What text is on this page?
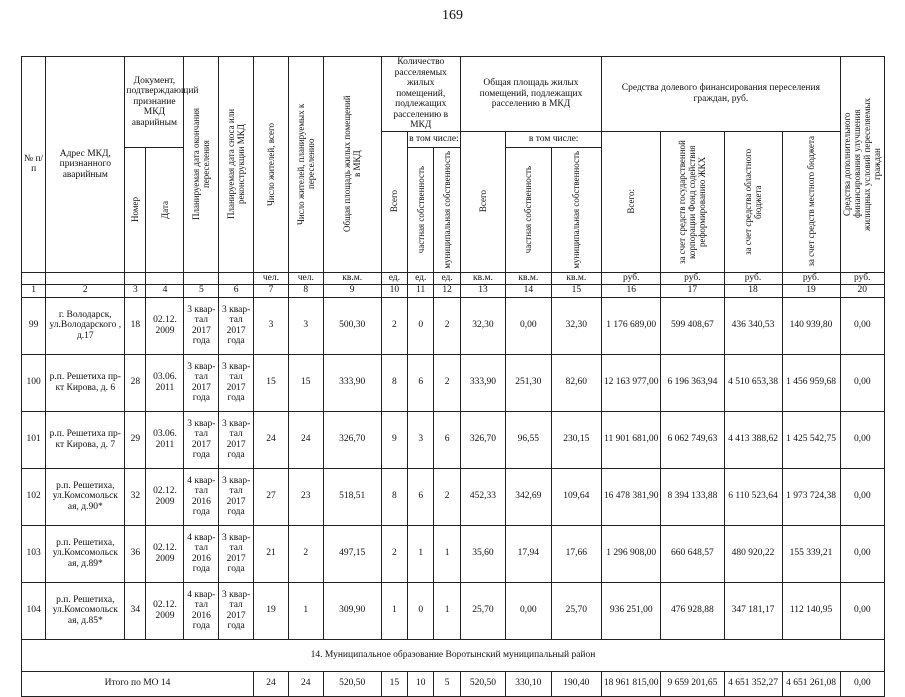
169
№ п/п	Адрес МКД, признанного аварийным	Документ, подтверждающий признание МКД аварийным		Планируемая дата окончания переселения	Планируемая дата сноса или реконструкции МКД	Число жителей, всего	Число жителей, планируемых к переселению	Общая площадь жилых помещений в МКД	Количество расселяемых жилых помещений, подлежащих расселению в МКД			Общая площадь жилых помещений, подлежащих расселению в МКД			Средства долевого финансирования переселения граждан, руб.				Средства дополнительного финансирования улучшения жилищных условий переселяемых граждан

									Всего	в том числе:		Всего	в том числе:		Всего:	за счет средств государственной корпорации Фонд содействия реформированию ЖКХ	за счет средства областного бюджета	за счет средств местного бюджета	

		Номер	Дата							частная собственность	муниципальная собственность		частная собственность	муниципальная собственность					

						чел.	чел.	кв.м.	ед.	ед.	ед.	кв.м.	кв.м.	кв.м.	руб.	руб.	руб.	руб.	руб.
1	2	3	4	5	6	7	8	9	10	11	12	13	14	15	16	17	18	19	20
99	г. Володарск, ул.Володарского , д.17	18	02.12. 2009	3 квар- тал 2017 года	3 квар- тал 2017 года	3	3	500,30	2	0	2	32,30	0,00	32,30	1 176 689,00	599 408,67	436 340,53	140 939,80	0,00
100	р.п. Решетиха пр-кт Кирова, д. 6	28	03.06. 2011	3 квар- тал 2017 года	3 квар- тал 2017 года	15	15	333,90	8	6	2	333,90	251,30	82,60	12 163 977,00	6 196 363,94	4 510 653,38	1 456 959,68	0,00
101	р.п. Решетиха пр-кт Кирова, д. 7	29	03.06. 2011	3 квар- тал 2017 года	3 квар- тал 2017 года	24	24	326,70	9	3	6	326,70	96,55	230,15	11 901 681,00	6 062 749,63	4 413 388,62	1 425 542,75	0,00
102	р.п. Решетиха, ул.Комсомольск ая, д.90*	32	02.12. 2009	4 квар- тал 2016 года	3 квар- тал 2017 года	27	23	518,51	8	6	2	452,33	342,69	109,64	16 478 381,90	8 394 133,88	6 110 523,64	1 973 724,38	0,00
103	р.п. Решетиха, ул.Комсомольск ая, д.89*	36	02.12. 2009	4 квар- тал 2016 года	3 квар- тал 2017 года	21	2	497,15	2	1	1	35,60	17,94	17,66	1 296 908,00	660 648,57	480 920,22	155 339,21	0,00
104	р.п. Решетиха, ул.Комсомольск ая, д.85*	34	02.12. 2009	4 квар- тал 2016 года	3 квар- тал 2017 года	19	1	309,90	1	0	1	25,70	0,00	25,70	936 251,00	476 928,88	347 181,17	112 140,95	0,00
14. Муниципальное образование Воротынский муниципальный район																			
Итого по МО 14						24	24	520,50	15	10	5	520,50	330,10	190,40	18 961 815,00	9 659 201,65	4 651 352,27	4 651 261,08	0,00
